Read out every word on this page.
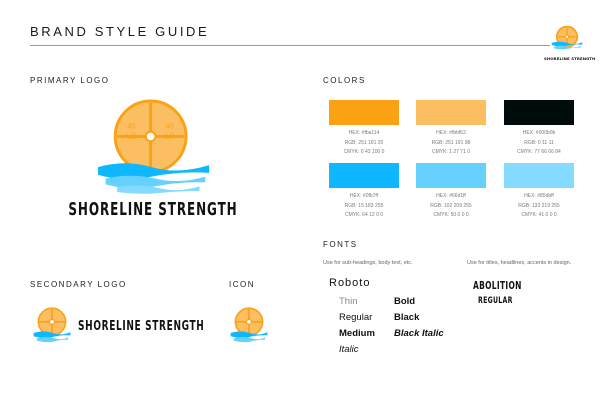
BRAND STYLE GUIDE
SHORELINE STRENGTH
PRIMARY LOGO
45
LB
45
LB
SHORELINE STRENGTH
SECONDARY LOGO
SHORELINE STRENGTH
ICON
COLORS
HEX: #fba114
RGB: 251 161 20
CMYK: 0 43 100 0
HEX: #fbbf62
RGB: 251 191 98
CMYK: 1 27 71 0
HEX: #000b0b
RGB: 0 11 11
CMYK: 77 66 66 84
HEX: #0fb7ff
RGB: 15 183 255
CMYK: 64 12 0 0
HEX: #66d1ff
RGB: 102 209 255
CMYK: 50 0 0 0
HEX: #85dbff
RGB: 133 219 255
CMYK: 41 0 0 0
FONTS
Use for sub-headings, body text, etc.	Use for titles, headlines, accents in design.
Roboto
Thin
Regular
Medium
Italic
Bold
Black
Black Italic
ABOLITION
REGULAR
